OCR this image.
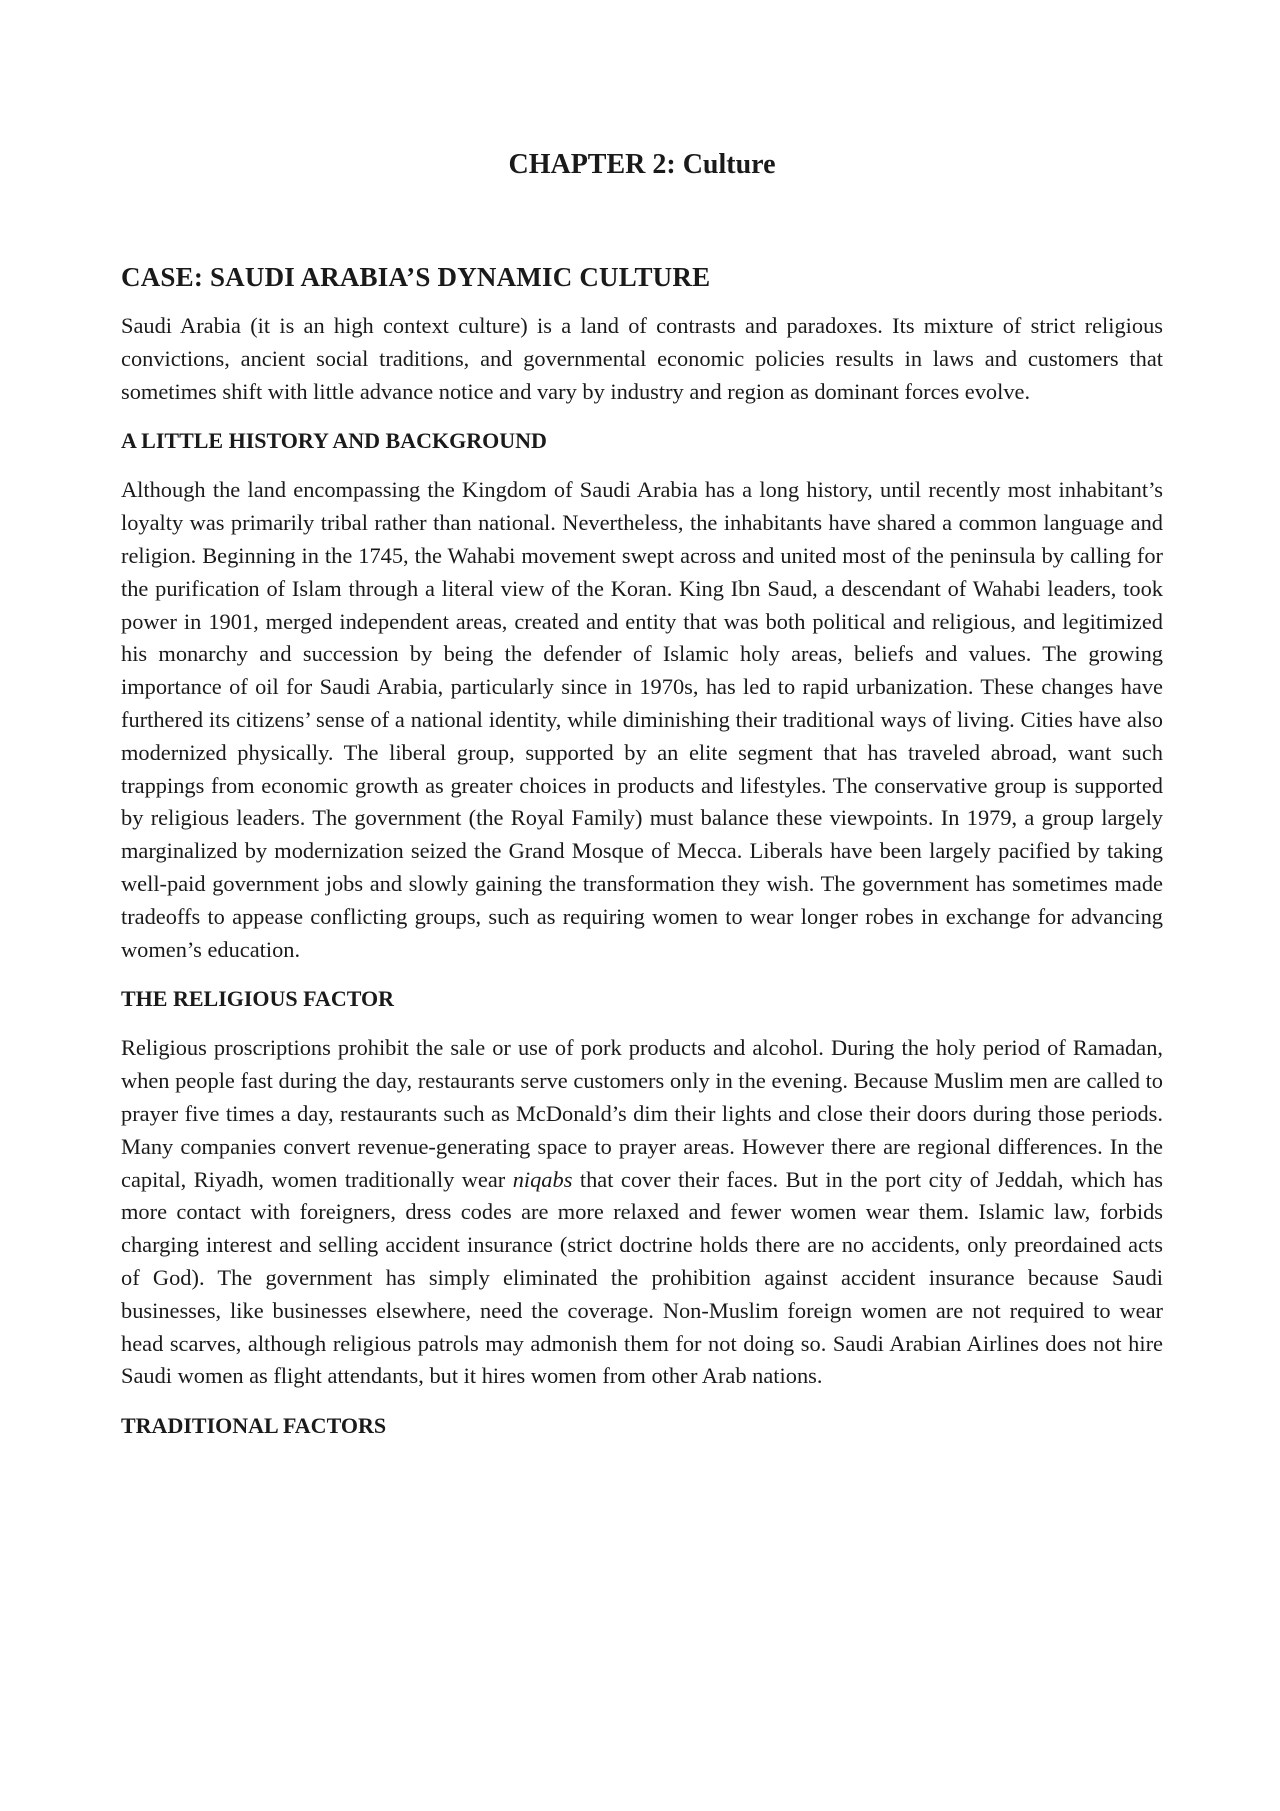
CHAPTER 2: Culture
CASE: SAUDI ARABIA’S DYNAMIC CULTURE

Saudi Arabia (it is an high context culture) is a land of contrasts and paradoxes. Its mixture of strict religious convictions, ancient social traditions, and governmental economic policies results in laws and customers that sometimes shift with little advance notice and vary by industry and region as dominant forces evolve.

A LITTLE HISTORY AND BACKGROUND

Although the land encompassing the Kingdom of Saudi Arabia has a long history, until recently most inhabitant’s loyalty was primarily tribal rather than national. Nevertheless, the inhabitants have shared a common language and religion. Beginning in the 1745, the Wahabi movement swept across and united most of the peninsula by calling for the purification of Islam through a literal view of the Koran. King Ibn Saud, a descendant of Wahabi leaders, took power in 1901, merged independent areas, created and entity that was both political and religious, and legitimized his monarchy and succession by being the defender of Islamic holy areas, beliefs and values. The growing importance of oil for Saudi Arabia, particularly since in 1970s, has led to rapid urbanization. These changes have furthered its citizens’ sense of a national identity, while diminishing their traditional ways of living. Cities have also modernized physically. The liberal group, supported by an elite segment that has traveled abroad, want such trappings from economic growth as greater choices in products and lifestyles. The conservative group is supported by religious leaders. The government (the Royal Family) must balance these viewpoints. In 1979, a group largely marginalized by modernization seized the Grand Mosque of Mecca. Liberals have been largely pacified by taking well-paid government jobs and slowly gaining the transformation they wish. The government has sometimes made tradeoffs to appease conflicting groups, such as requiring women to wear longer robes in exchange for advancing women’s education.

THE RELIGIOUS FACTOR

Religious proscriptions prohibit the sale or use of pork products and alcohol. During the holy period of Ramadan, when people fast during the day, restaurants serve customers only in the evening. Because Muslim men are called to prayer five times a day, restaurants such as McDonald’s dim their lights and close their doors during those periods. Many companies convert revenue-generating space to prayer areas. However there are regional differences. In the capital, Riyadh, women traditionally wear niqabs that cover their faces. But in the port city of Jeddah, which has more contact with foreigners, dress codes are more relaxed and fewer women wear them. Islamic law, forbids charging interest and selling accident insurance (strict doctrine holds there are no accidents, only preordained acts of God). The government has simply eliminated the prohibition against accident insurance because Saudi businesses, like businesses elsewhere, need the coverage. Non-Muslim foreign women are not required to wear head scarves, although religious patrols may admonish them for not doing so. Saudi Arabian Airlines does not hire Saudi women as flight attendants, but it hires women from other Arab nations.

TRADITIONAL FACTORS
